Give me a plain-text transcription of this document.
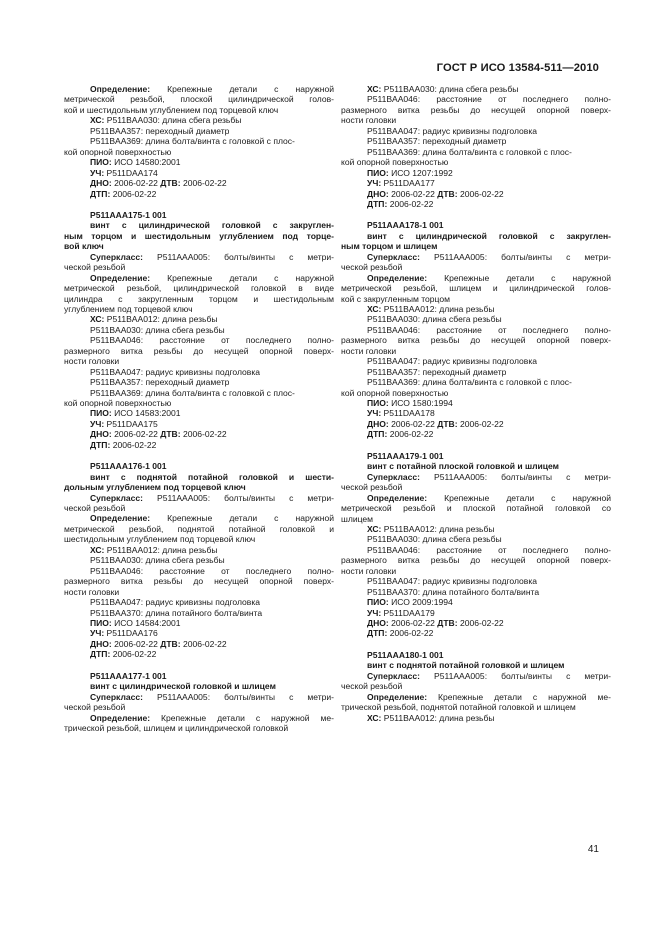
ГОСТ Р ИСО 13584-511—2010
Определение: Крепежные детали с наружной
метрической резьбой, плоской цилиндрической голов-
кой и шестидольным углублением под торцевой ключ
ХС: P511BAA030: длина сбега резьбы
P511BAA357: переходный диаметр
P511BAA369: длина болта/винта с головкой с плос-
кой опорной поверхностью
ПИО: ИСО 14580:2001
УЧ: P511DAA174
ДНО: 2006-02-22 ДТВ: 2006-02-22
ДТП: 2006-02-22
P511AAA175-1 001
винт с цилиндрической головкой с закруглен-
ным торцом и шестидольным углублением под торце-
вой ключ
Суперкласс: P511AAA005: болты/винты с метри-
ческой резьбой
Определение: Крепежные детали с наружной
метрической резьбой, цилиндрической головкой в виде
цилиндра с закругленным торцом и шестидольным
углублением под торцевой ключ
ХС: P511BAA012: длина резьбы
P511BAA030: длина сбега резьбы
P511BAA046: расстояние от последнего полно-
размерного витка резьбы до несущей опорной поверх-
ности головки
P511BAA047: радиус кривизны подголовка
P511BAA357: переходный диаметр
P511BAA369: длина болта/винта с головкой с плос-
кой опорной поверхностью
ПИО: ИСО 14583:2001
УЧ: P511DAA175
ДНО: 2006-02-22 ДТВ: 2006-02-22
ДТП: 2006-02-22
P511AAA176-1 001
винт с поднятой потайной головкой и шести-
дольным углублением под торцевой ключ
Суперкласс: P511AAA005: болты/винты с метри-
ческой резьбой
Определение: Крепежные детали с наружной
метрической резьбой, поднятой потайной головкой и
шестидольным углублением под торцевой ключ
ХС: P511BAA012: длина резьбы
P511BAA030: длина сбега резьбы
P511BAA046: расстояние от последнего полно-
размерного витка резьбы до несущей опорной поверх-
ности головки
P511BAA047: радиус кривизны подголовка
P511BAA370: длина потайного болта/винта
ПИО: ИСО 14584:2001
УЧ: P511DAA176
ДНО: 2006-02-22 ДТВ: 2006-02-22
ДТП: 2006-02-22
P511AAA177-1 001
винт с цилиндрической головкой и шлицем
Суперкласс: P511AAA005: болты/винты с метри-
ческой резьбой
Определение: Крепежные детали с наружной ме-
трической резьбой, шлицем и цилиндрической головкой
ХС: P511BAA030: длина сбега резьбы
P511BAA046: расстояние от последнего полно-
размерного витка резьбы до несущей опорной поверх-
ности головки
P511BAA047: радиус кривизны подголовка
P511BAA357: переходный диаметр
P511BAA369: длина болта/винта с головкой с плос-
кой опорной поверхностью
ПИО: ИСО 1207:1992
УЧ: P511DAA177
ДНО: 2006-02-22 ДТВ: 2006-02-22
ДТП: 2006-02-22
P511AAA178-1 001
винт с цилиндрической головкой с закруглен-
ным торцом и шлицем
Суперкласс: P511AAA005: болты/винты с метри-
ческой резьбой
Определение: Крепежные детали с наружной
метрической резьбой, шлицем и цилиндрической голов-
кой с закругленным торцом
ХС: P511BAA012: длина резьбы
P511BAA030: длина сбега резьбы
P511BAA046: расстояние от последнего полно-
размерного витка резьбы до несущей опорной поверх-
ности головки
P511BAA047: радиус кривизны подголовка
P511BAA357: переходный диаметр
P511BAA369: длина болта/винта с головкой с плос-
кой опорной поверхностью
ПИО: ИСО 1580:1994
УЧ: P511DAA178
ДНО: 2006-02-22 ДТВ: 2006-02-22
ДТП: 2006-02-22
P511AAA179-1 001
винт с потайной плоской головкой и шлицем
Суперкласс: P511AAA005: болты/винты с метри-
ческой резьбой
Определение: Крепежные детали с наружной
метрической резьбой и плоской потайной головкой со
шлицем
ХС: P511BAA012: длина резьбы
P511BAA030: длина сбега резьбы
P511BAA046: расстояние от последнего полно-
размерного витка резьбы до несущей опорной поверх-
ности головки
P511BAA047: радиус кривизны подголовка
P511BAA370: длина потайного болта/винта
ПИО: ИСО 2009:1994
УЧ: P511DAA179
ДНО: 2006-02-22 ДТВ: 2006-02-22
ДТП: 2006-02-22
P511AAA180-1 001
винт с поднятой потайной головкой и шлицем
Суперкласс: P511AAA005: болты/винты с метри-
ческой резьбой
Определение: Крепежные детали с наружной ме-
трической резьбой, поднятой потайной головкой и шлицем
ХС: P511BAA012: длина резьбы
41
